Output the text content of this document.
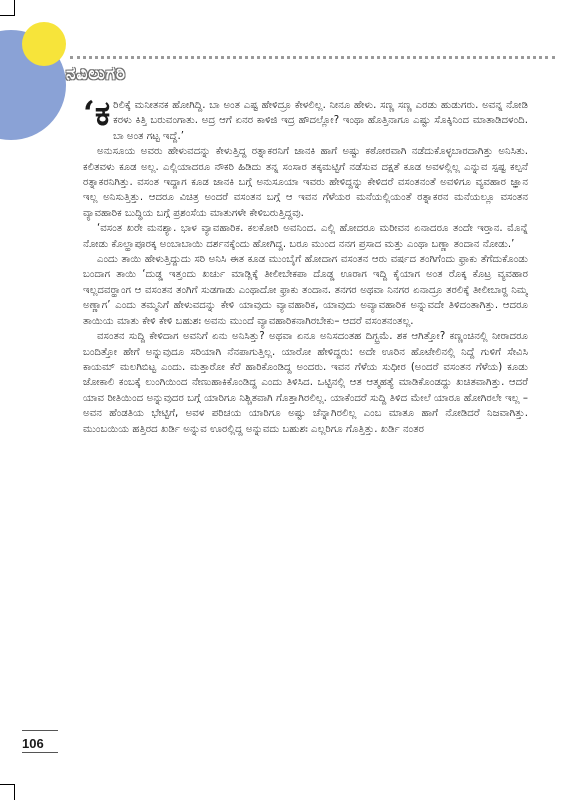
ನವಿಲುಗರಿ

‘ಕರಿಲಿಕ್ಕೆ ಮನೀತನಕ ಹೋಗಿದ್ದಿ. ಬಾ ಅಂತ ಎಷ್ಟ ಹೇಳಿದ್ರೂ ಕೇಳಲಿಲ್ಲ. ನೀನೂ ಹೇಳು. ಸಣ್ಣ ಸಣ್ಣ ಎರಡು ಹುಡುಗರು. ಅವನ್ನ ನೋಡಿ ಕರಳು ಕಿತ್ತಿ ಬರುವಂಗಾತು. ಅದ್ರ ಆಗೆ ಏನರ ಕಾಳಿಜಿ ಇದ್ರ ಹೌದಲ್ಲೋ? ಇಂಥಾ ಹೊತ್ತಿನಾಗೂ ಎಷ್ಟು ಸೊಕ್ಕಿನಿಂದ ಮಾತಾಡಿದಳಂದಿ. ಬಾ ಅಂತ ಗಟ್ಟ ಇದ್ದೆ.’

ಅನುಸೂಯ ಅವರು ಹೇಳುವದನ್ನು ಕೇಳುತ್ತಿದ್ದ ರತ್ನಾಕರನಿಗೆ ಜಾನಕಿ ಹಾಗೆ ಅಷ್ಟು ಕಠೋರವಾಗಿ ನಡೆದುಕೊಳ್ಳಬಾರದಾಗಿತ್ತು ಅನಿಸಿತು. ಕಲಿತವಳು ಕೂಡ ಅಲ್ಲ. ಎಲ್ಲಿಯಾದರೂ ನೌಕರಿ ಹಿಡಿದು ತನ್ನ ಸಂಸಾರ ತಕ್ಕಮಟ್ಟಿಗೆ ನಡೆಸುವ ದಕ್ಷತೆ ಕೂಡ ಅವಳಲ್ಲಿಲ್ಲ ಎನ್ನುವ ಸ್ಪಷ್ಟ ಕಲ್ಪನೆ ರತ್ನಾಕರನಿಗಿತ್ತು. ವಸಂತ ಇದ್ದಾಗ ಕೂಡ ಜಾನಕಿ ಬಗ್ಗೆ ಅನುಸೂಯಾ ಇವರು ಹೇಳಿದ್ದನ್ನು ಕೇಳಿದರೆ ವಸಂತನಂತೆ ಅವಳಿಗೂ ವ್ಯವಹಾರ ಜ್ಞಾನ ಇಲ್ಲ ಅನಿಸುತ್ತಿತ್ತು. ಆದರೂ ವಿಚಿತ್ರ ಅಂದರೆ ವಸಂತನ ಬಗ್ಗೆ ಆ ಇವನ ಗೆಳೆಯರ ಮನೆಯಲ್ಲಿಯಂತೆ ರತ್ನಾಕರನ ಮನೆಯಲ್ಲೂ ವಸಂತನ ವ್ಯಾವಹಾರಿಕ ಬುದ್ಧಿಯ ಬಗ್ಗೆ ಪ್ರಶಂಸೆಯ ಮಾತುಗಳೇ ಕೇಳಿಬರುತ್ತಿದ್ದವು.

‘ವಸಂತ ಖರೇ ಮನಶ್ಯಾ. ಭಾಳ ವ್ಯಾವಹಾರಿಕ. ಕಲಕೋರಿ ಅವನಿಂದ. ಎಲ್ಲಿ ಹೋದರೂ ಮರೀವನ ಏನಾದರೂ ತಂದೇ ಇರ್‍ತಾನ. ಮೊನ್ನೆ ನೋಡು ಕೊಲ್ಹಾಪೂರಕ್ಕ ಅಂಬಾಬಾಯಿ ದರ್ಶನಕ್ಕೆಂದು ಹೋಗಿದ್ದ. ಬರೂ ಮುಂದ ನನಗ ಪ್ರಸಾದ ಮತ್ತು ಎಂಥಾ ಬಣ್ಣಾ ತಂದಾನ ನೋಡು.’

ಎಂದು ತಾಯಿ ಹೇಳುತ್ತಿದ್ದುದು ಸರಿ ಅನಿಸಿ ಈತ ಕೂಡ ಮುಂಬೈಗೆ ಹೋದಾಗ ವಸಂತನ ಆರು ವರ್ಷದ ತಂಗಿಗೆಂದು ಫ್ರಾಕು ತೆಗೆದುಕೊಂಡು ಬಂದಾಗ ತಾಯಿ ‘ದುಡ್ಡ ಇತ್ತಂದು ಖರ್ಚು ಮಾಡ್ಲಿಕ್ಕೆ ತೀಲೀಬೇಕಪಾ ದೊಡ್ಡ ಊರಾಗ ಇದ್ದಿ ಕೈಯಾಗ ಅಂತ ರೊಕ್ಕ ಕೊಟ್ರ ವ್ಯವಹಾರ ಇಲ್ಲದವರ್‍ಹಾಂಗ ಆ ವಸಂತನ ತಂಗಿಗೆ ಸುಡಗಾಡು ಎಂಥಾದೋ ಫ್ರಾಕು ತಂದಾನ. ತನಗರ ಅಥವಾ ನಿನಗರ ಏನಾದ್ರೂ ತರಲಿಕ್ಕೆ ತೀಲೀಬಾರ್‍ದ ನಿಮ್ಮ ಅಣ್ಣಾಗ’ ಎಂದು ತಮ್ಮನಿಗೆ ಹೇಳುವದನ್ನು ಕೇಳಿ ಯಾವುದು ವ್ಯಾವಹಾರಿಕ, ಯಾವುದು ಅವ್ಯಾವಹಾರಿಕ ಅನ್ನುವದೇ ತಿಳಿದಂತಾಗಿತ್ತು. ಆದರೂ ತಾಯಿಯ ಮಾತು ಕೇಳಿ ಕೇಳಿ ಬಹುಶಃ ಅವನು ಮುಂದೆ ವ್ಯಾವಹಾರಿಕನಾಗಿರಬೇಕು– ಆದರೆ ವಸಂತನಂತಲ್ಲ.

ವಸಂತನ ಸುದ್ದಿ ಕೇಳಿದಾಗ ಅವನಿಗೆ ಏನು ಅನಿಸಿತ್ತು? ಅಥವಾ ಏನೂ ಅನಿಸದಂತಹ ದಿಗ್ಭ್ರಮೆ. ಶಕ ಆಗಿತ್ತೋ? ಕಣ್ಣಂಚಿನಲ್ಲಿ ನೀರಾದರೂ ಬಂದಿತ್ತೋ ಹೇಗೆ ಅನ್ನುವುದೂ ಸರಿಯಾಗಿ ನೆನಪಾಗುತ್ತಿಲ್ಲ. ಯಾರೋ ಹೇಳಿದ್ದರು: ಅದೇ ಊರಿನ ಹೊಟೇಲಿನಲ್ಲಿ ನಿದ್ದೆ ಗುಳಿಗೆ ಸೇವಿಸಿ ಕಾಯಮ್ ಮಲಗಿಬಿಟ್ಟ ಎಂದು. ಮತ್ತಾರೋ ಕೆರೆ ಹಾರಿಕೊಂಡಿದ್ದ ಅಂದರು. ಇವನ ಗೆಳೆಯ ಸುಧೀರ (ಅಂದರೆ ವಸಂತನ ಗೆಳೆಯ) ಕೂಡು ಜೋಕಾಲಿ ಕಂಬಕ್ಕೆ ಲುಂಗಿಯಿಂದ ನೇಣುಹಾಕಿಕೊಂಡಿದ್ದ ಎಂದು ತಿಳಿಸಿದ. ಒಟ್ಟಿನಲ್ಲಿ ಆತ ಆತ್ಮಹತ್ಯೆ ಮಾಡಿಕೊಂಡದ್ದು ಖಚಿತವಾಗಿತ್ತು. ಆದರೆ ಯಾವ ರೀತಿಯಿಂದ ಅನ್ನುವುದರ ಬಗ್ಗೆ ಯಾರಿಗೂ ನಿಶ್ಚಿತವಾಗಿ ಗೊತ್ತಾಗಿರಲಿಲ್ಲ. ಯಾಕೆಂದರೆ ಸುದ್ದಿ ತಿಳಿದ ಮೇಲೆ ಯಾರೂ ಹೋಗಿರಲೇ ಇಲ್ಲ – ಅವನ ಹೆಂಡತಿಯ ಭೇಟ್ಟಿಗೆ, ಅವಳ ಪರಿಚಯ ಯಾರಿಗೂ ಅಷ್ಟು ಚೆನ್ನಾಗಿರಲಿಲ್ಲ ಎಂಬ ಮಾತೂ ಹಾಗೆ ನೋಡಿದರೆ ನಿಜವಾಗಿತ್ತು. ಮುಂಬಯಿಯ ಹತ್ತಿರದ ಖರ್ಡಿ ಅನ್ನುವ ಊರಲ್ಲಿದ್ದ ಅನ್ನುವದು ಬಹುಶಃ ಎಲ್ಲರಿಗೂ ಗೊತ್ತಿತ್ತು. ಖರ್ಡಿ ನಂತರ

106
